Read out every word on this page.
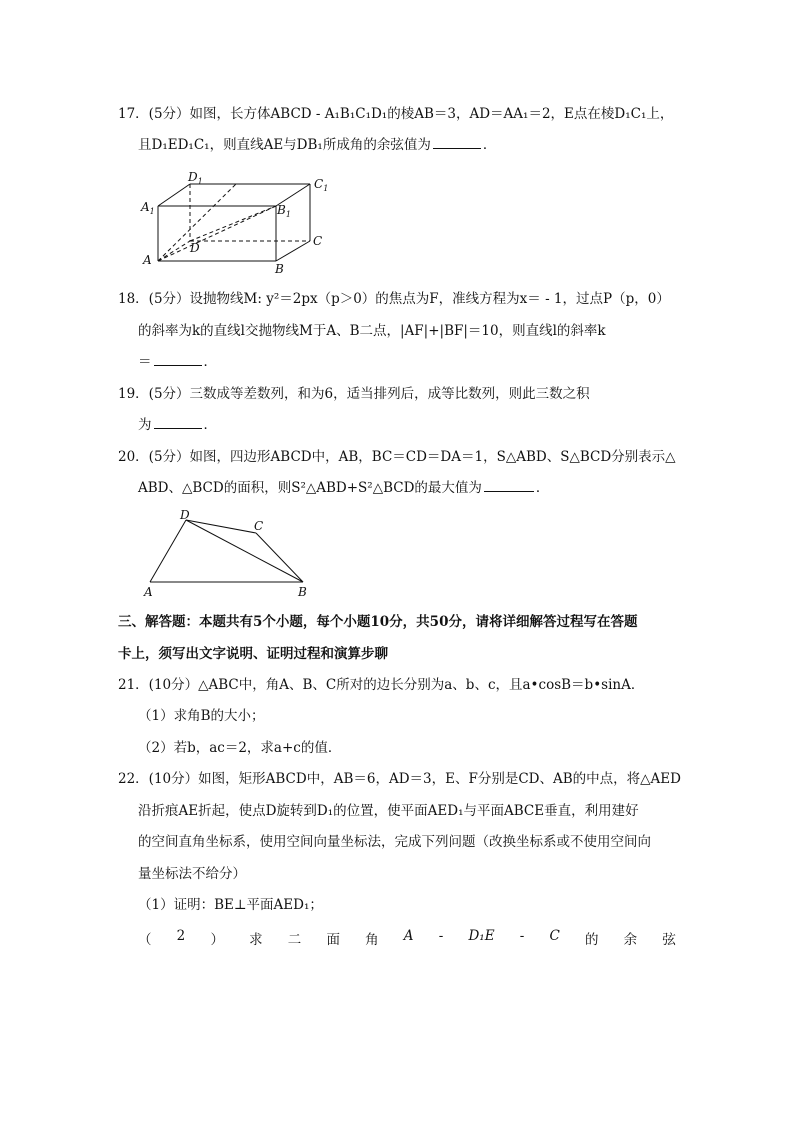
17．(5分）如图，长方体ABCD - A₁B₁C₁D₁的棱AB＝3，AD＝AA₁＝2，E点在棱D₁C₁上，
且D₁ED₁C₁，则直线AE与DB₁所成角的余弦值为	．
$D_1$	$C_1$
$A_1$	$B_1$
D	C
A
B
18．(5分）设抛物线M: y²＝2px（p＞0）的焦点为F，准线方程为x＝ - 1，过点P（p，0）
的斜率为k的直线l交抛物线M于A、B二点，|AF|+|BF|＝10，则直线l的斜率k
＝	．
19．(5分）三数成等差数列，和为6，适当排列后，成等比数列，则此三数之积
为	．
20．(5分）如图，四边形ABCD中，AB，BC＝CD＝DA＝1，S△ABD、S△BCD分别表示△
ABD、△BCD的面积，则S²△ABD+S²△BCD的最大值为	．
D
C
A	B
三、解答题：本题共有5个小题，每个小题10分，共50分，请将详细解答过程写在答题
卡上，须写出文字说明、证明过程和演算步聊
21．(10分）△ABC中，角A、B、C所对的边长分别为a、b、c，且a•cosB＝b•sinA．
（1）求角B的大小；
（2）若b，ac＝2，求a+c的值．
22．(10分）如图，矩形ABCD中，AB＝6，AD＝3，E、F分别是CD、AB的中点，将△AED
沿折痕AE折起，使点D旋转到D₁的位置，使平面AED₁与平面ABCE垂直，利用建好
的空间直角坐标系，使用空间向量坐标法，完成下列问题（改换坐标系或不使用空间向
量坐标法不给分）
（1）证明：BE⊥平面AED₁；
（ 2 ） 求 二 面 角 A - D₁E - C 的 余 弦
